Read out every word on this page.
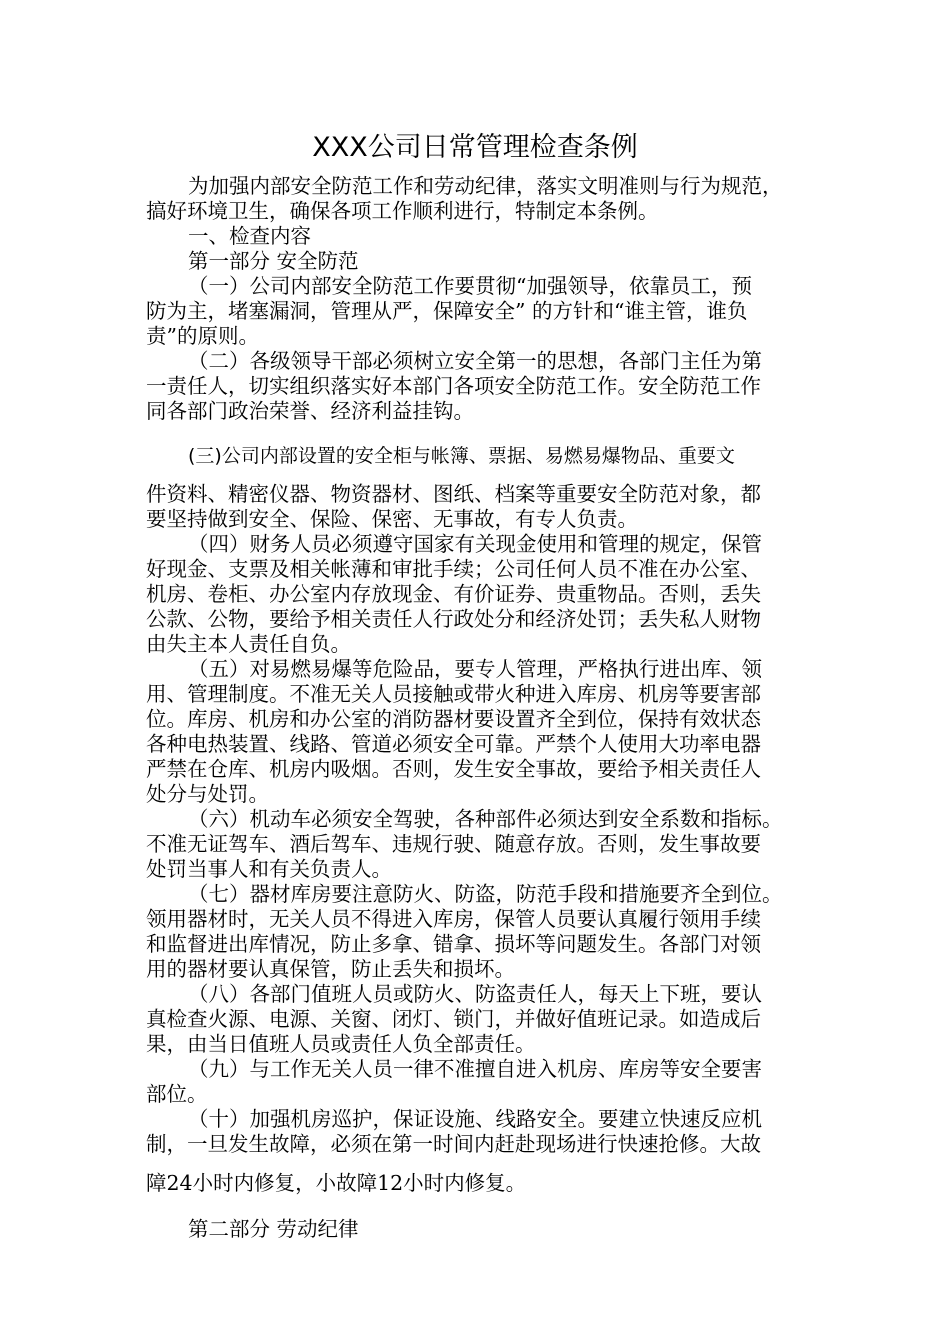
XXX公司日常管理检查条例

为加强内部安全防范工作和劳动纪律，落实文明准则与行为规范，
搞好环境卫生，确保各项工作顺利进行，特制定本条例。

一、检查内容

第一部分 安全防范

（一）公司内部安全防范工作要贯彻“加强领导，依靠员工，预
防为主，堵塞漏洞，管理从严，保障安全” 的方针和“谁主管，谁负
责”的原则。

（二）各级领导干部必须树立安全第一的思想，各部门主任为第
一责任人，切实组织落实好本部门各项安全防范工作。安全防范工作
同各部门政治荣誉、经济利益挂钩。

(三)公司内部设置的安全柜与帐簿、票据、易燃易爆物品、重要文
件资料、精密仪器、物资器材、图纸、档案等重要安全防范对象，都
要坚持做到安全、保险、保密、无事故，有专人负责。

（四）财务人员必须遵守国家有关现金使用和管理的规定，保管
好现金、支票及相关帐薄和审批手续；公司任何人员不准在办公室、
机房、卷柜、办公室内存放现金、有价证券、贵重物品。否则，丢失
公款、公物，要给予相关责任人行政处分和经济处罚；丢失私人财物
由失主本人责任自负。

（五）对易燃易爆等危险品，要专人管理，严格执行进出库、领
用、管理制度。不准无关人员接触或带火种进入库房、机房等要害部
位。库房、机房和办公室的消防器材要设置齐全到位，保持有效状态
各种电热装置、线路、管道必须安全可靠。严禁个人使用大功率电器
严禁在仓库、机房内吸烟。否则，发生安全事故，要给予相关责任人
处分与处罚。

（六）机动车必须安全驾驶，各种部件必须达到安全系数和指标。
不准无证驾车、酒后驾车、违规行驶、随意存放。否则，发生事故要
处罚当事人和有关负责人。

（七）器材库房要注意防火、防盗，防范手段和措施要齐全到位。
领用器材时，无关人员不得进入库房，保管人员要认真履行领用手续
和监督进出库情况，防止多拿、错拿、损坏等问题发生。各部门对领
用的器材要认真保管，防止丢失和损坏。

（八）各部门值班人员或防火、防盗责任人，每天上下班，要认
真检查火源、电源、关窗、闭灯、锁门，并做好值班记录。如造成后
果，由当日值班人员或责任人负全部责任。

（九）与工作无关人员一律不准擅自进入机房、库房等安全要害
部位。

（十）加强机房巡护，保证设施、线路安全。要建立快速反应机
制，一旦发生故障，必须在第一时间内赶赴现场进行快速抢修。大故
障24小时内修复，小故障12小时内修复。

第二部分 劳动纪律
